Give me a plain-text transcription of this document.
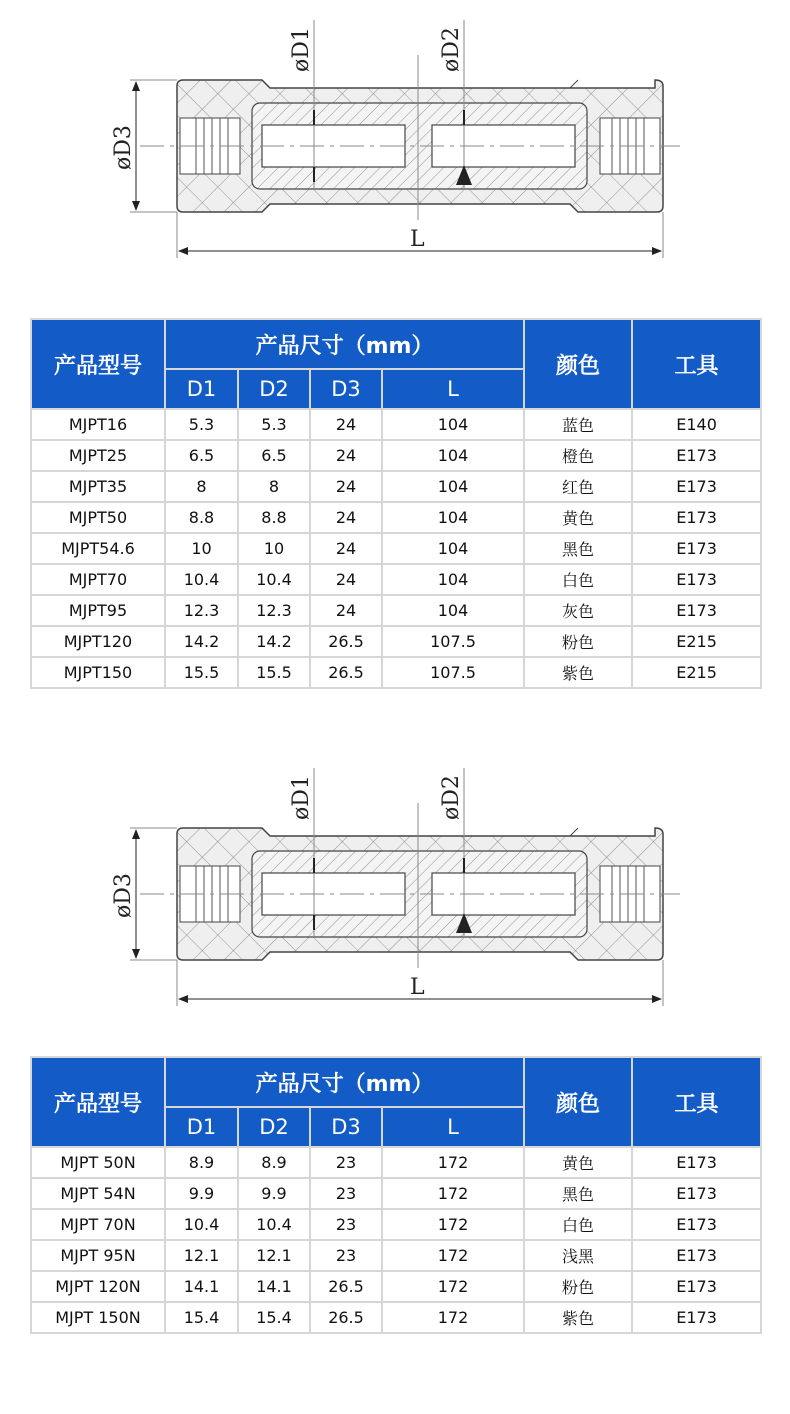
øD1	øD2
øD3
L
øD1	øD2
øD3
L
产品型号	产品尺寸（mm）				颜色	工具
	D1	D2	D3	L		
MJPT16	5.3	5.3	24	104	蓝色	E140
MJPT25	6.5	6.5	24	104	橙色	E173
MJPT35	8	8	24	104	红色	E173
MJPT50	8.8	8.8	24	104	黄色	E173
MJPT54.6	10	10	24	104	黑色	E173
MJPT70	10.4	10.4	24	104	白色	E173
MJPT95	12.3	12.3	24	104	灰色	E173
MJPT120	14.2	14.2	26.5	107.5	粉色	E215
MJPT150	15.5	15.5	26.5	107.5	紫色	E215
产品型号	产品尺寸（mm）				颜色	工具
	D1	D2	D3	L		
MJPT 50N	8.9	8.9	23	172	黄色	E173
MJPT 54N	9.9	9.9	23	172	黑色	E173
MJPT 70N	10.4	10.4	23	172	白色	E173
MJPT 95N	12.1	12.1	23	172	浅黑	E173
MJPT 120N	14.1	14.1	26.5	172	粉色	E173
MJPT 150N	15.4	15.4	26.5	172	紫色	E173
